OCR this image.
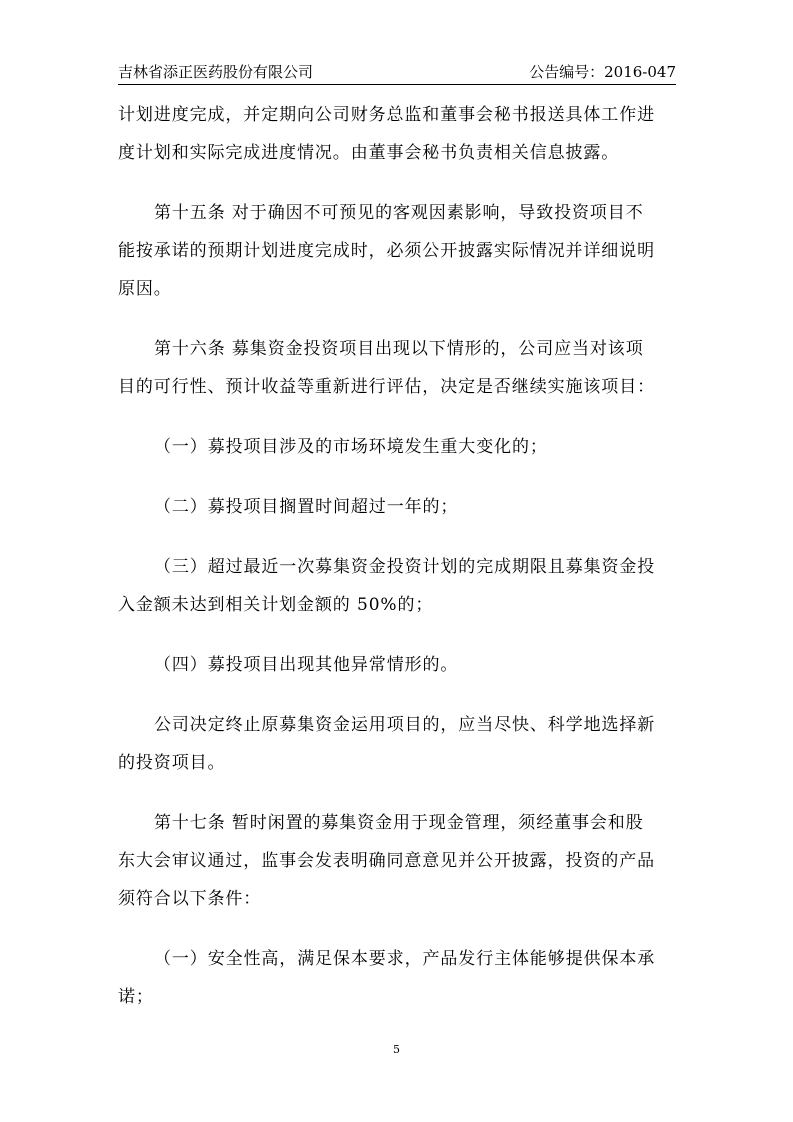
吉林省添正医药股份有限公司	公告编号：2016-047
计划进度完成，并定期向公司财务总监和董事会秘书报送具体工作进
度计划和实际完成进度情况。由董事会秘书负责相关信息披露。
第十五条 对于确因不可预见的客观因素影响，导致投资项目不
能按承诺的预期计划进度完成时，必须公开披露实际情况并详细说明
原因。
第十六条 募集资金投资项目出现以下情形的，公司应当对该项
目的可行性、预计收益等重新进行评估，决定是否继续实施该项目：
（一）募投项目涉及的市场环境发生重大变化的；
（二）募投项目搁置时间超过一年的；
（三）超过最近一次募集资金投资计划的完成期限且募集资金投
入金额未达到相关计划金额的 50%的；
（四）募投项目出现其他异常情形的。
公司决定终止原募集资金运用项目的，应当尽快、科学地选择新
的投资项目。
第十七条 暂时闲置的募集资金用于现金管理，须经董事会和股
东大会审议通过，监事会发表明确同意意见并公开披露，投资的产品
须符合以下条件：
（一）安全性高，满足保本要求，产品发行主体能够提供保本承
诺；
5
